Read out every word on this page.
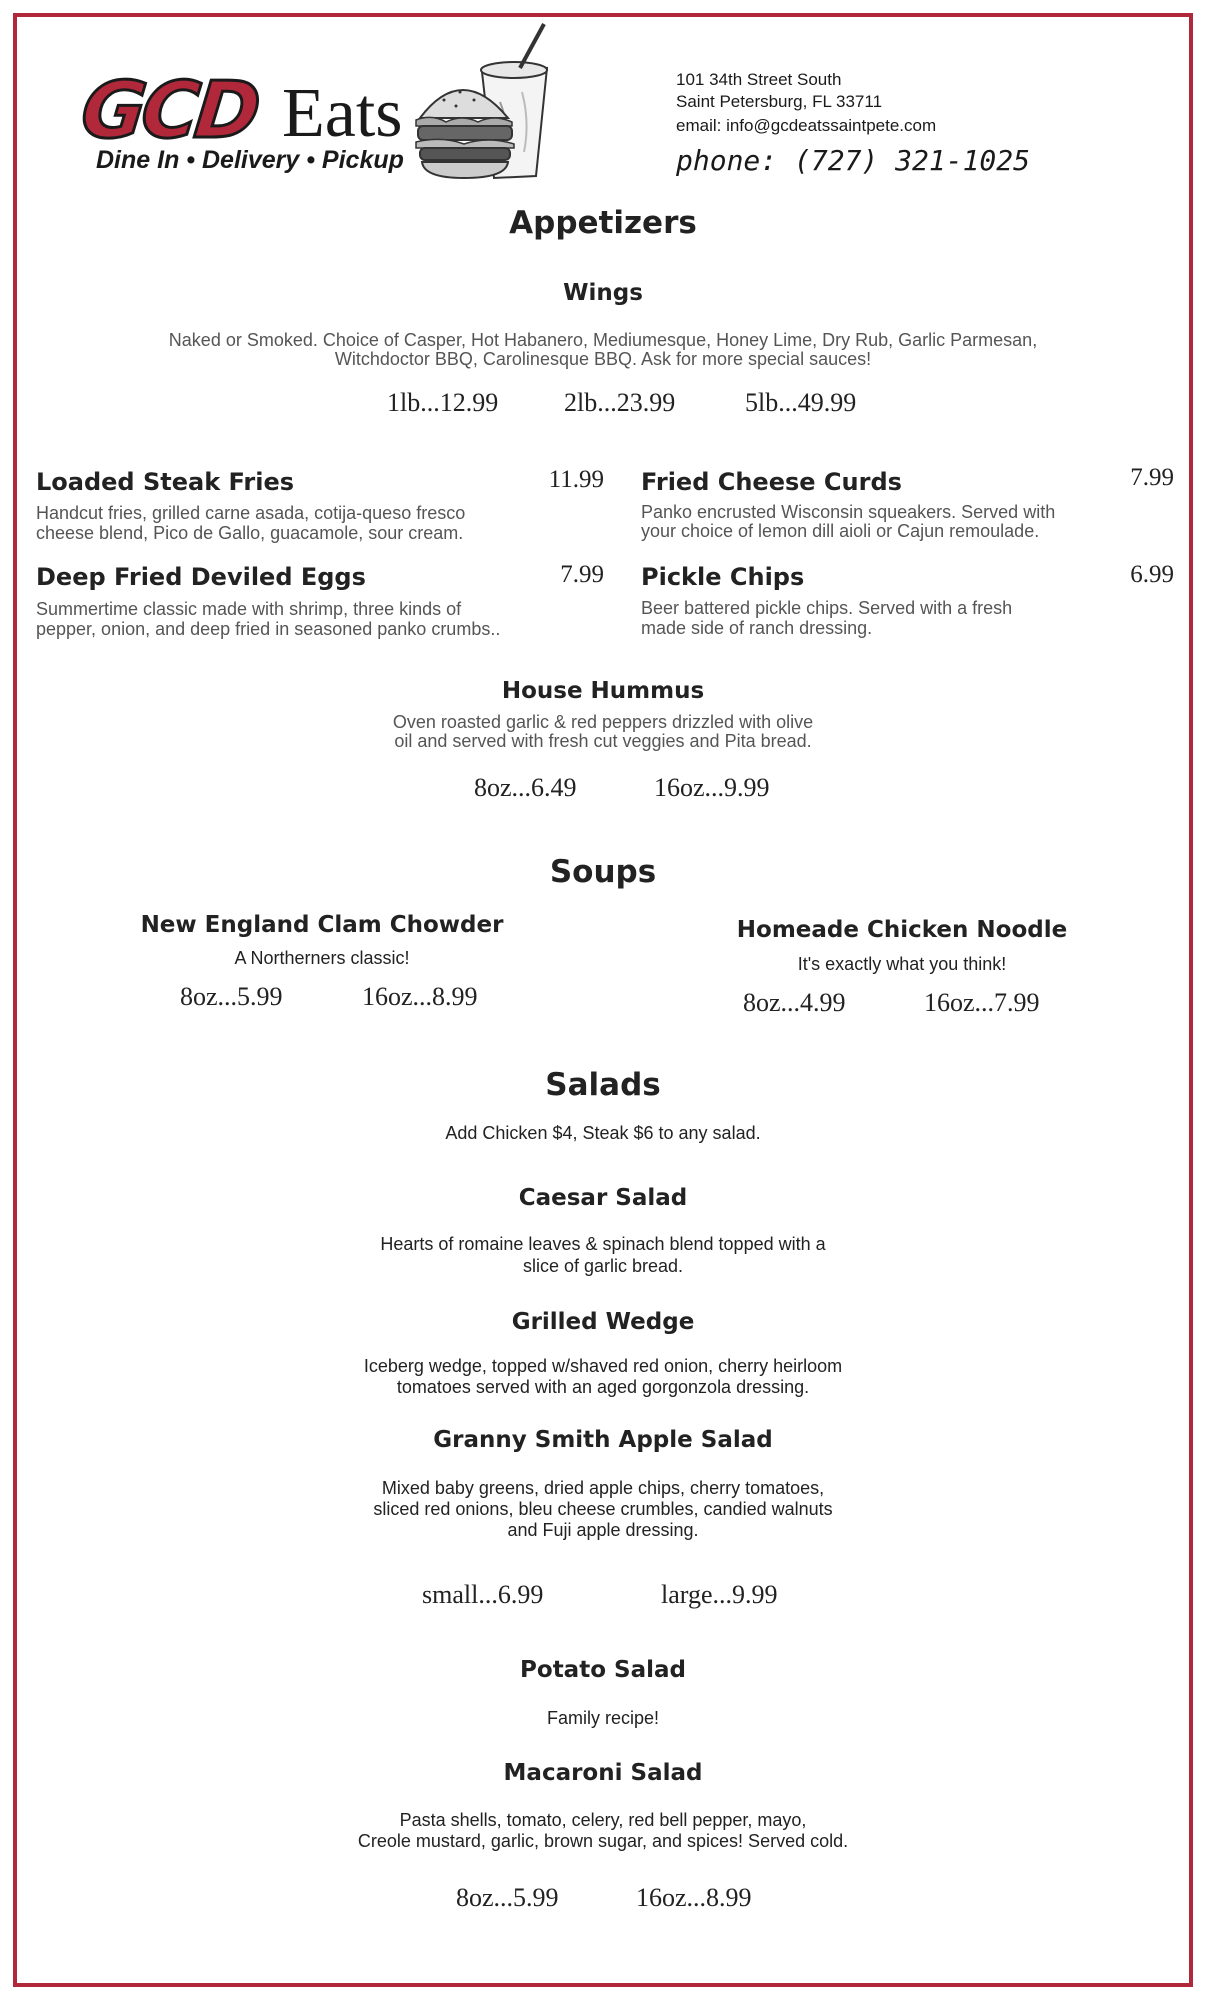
GCD Eats
Dine In • Delivery • Pickup
101 34th Street South
Saint Petersburg, FL 33711
email: info@gcdeatssaintpete.com
phone: (727) 321-1025
Appetizers
Wings
Naked or Smoked. Choice of Casper, Hot Habanero, Mediumesque, Honey Lime, Dry Rub, Garlic Parmesan,
Witchdoctor BBQ, Carolinesque BBQ. Ask for more special sauces!
1lb...12.99	2lb...23.99	5lb...49.99
Loaded Steak Fries	11.99
Handcut fries, grilled carne asada, cotija-queso fresco
cheese blend, Pico de Gallo, guacamole, sour cream.
Deep Fried Deviled Eggs	7.99
Summertime classic made with shrimp, three kinds of
pepper, onion, and deep fried in seasoned panko crumbs..
Fried Cheese Curds	7.99
Panko encrusted Wisconsin squeakers. Served with
your choice of lemon dill aioli or Cajun remoulade.
Pickle Chips	6.99
Beer battered pickle chips. Served with a fresh
made side of ranch dressing.
House Hummus
Oven roasted garlic & red peppers drizzled with olive
oil and served with fresh cut veggies and Pita bread.
8oz...6.49	16oz...9.99
Soups
New England Clam Chowder
A Northerners classic!
8oz...5.99	16oz...8.99
Homeade Chicken Noodle
It's exactly what you think!
8oz...4.99	16oz...7.99
Salads
Add Chicken $4, Steak $6 to any salad.
Caesar Salad
Hearts of romaine leaves & spinach blend topped with a
slice of garlic bread.
Grilled Wedge
Iceberg wedge, topped w/shaved red onion, cherry heirloom
tomatoes served with an aged gorgonzola dressing.
Granny Smith Apple Salad
Mixed baby greens, dried apple chips, cherry tomatoes,
sliced red onions, bleu cheese crumbles, candied walnuts
and Fuji apple dressing.
small...6.99	large...9.99
Potato Salad
Family recipe!
Macaroni Salad
Pasta shells, tomato, celery, red bell pepper, mayo,
Creole mustard, garlic, brown sugar, and spices! Served cold.
8oz...5.99	16oz...8.99
